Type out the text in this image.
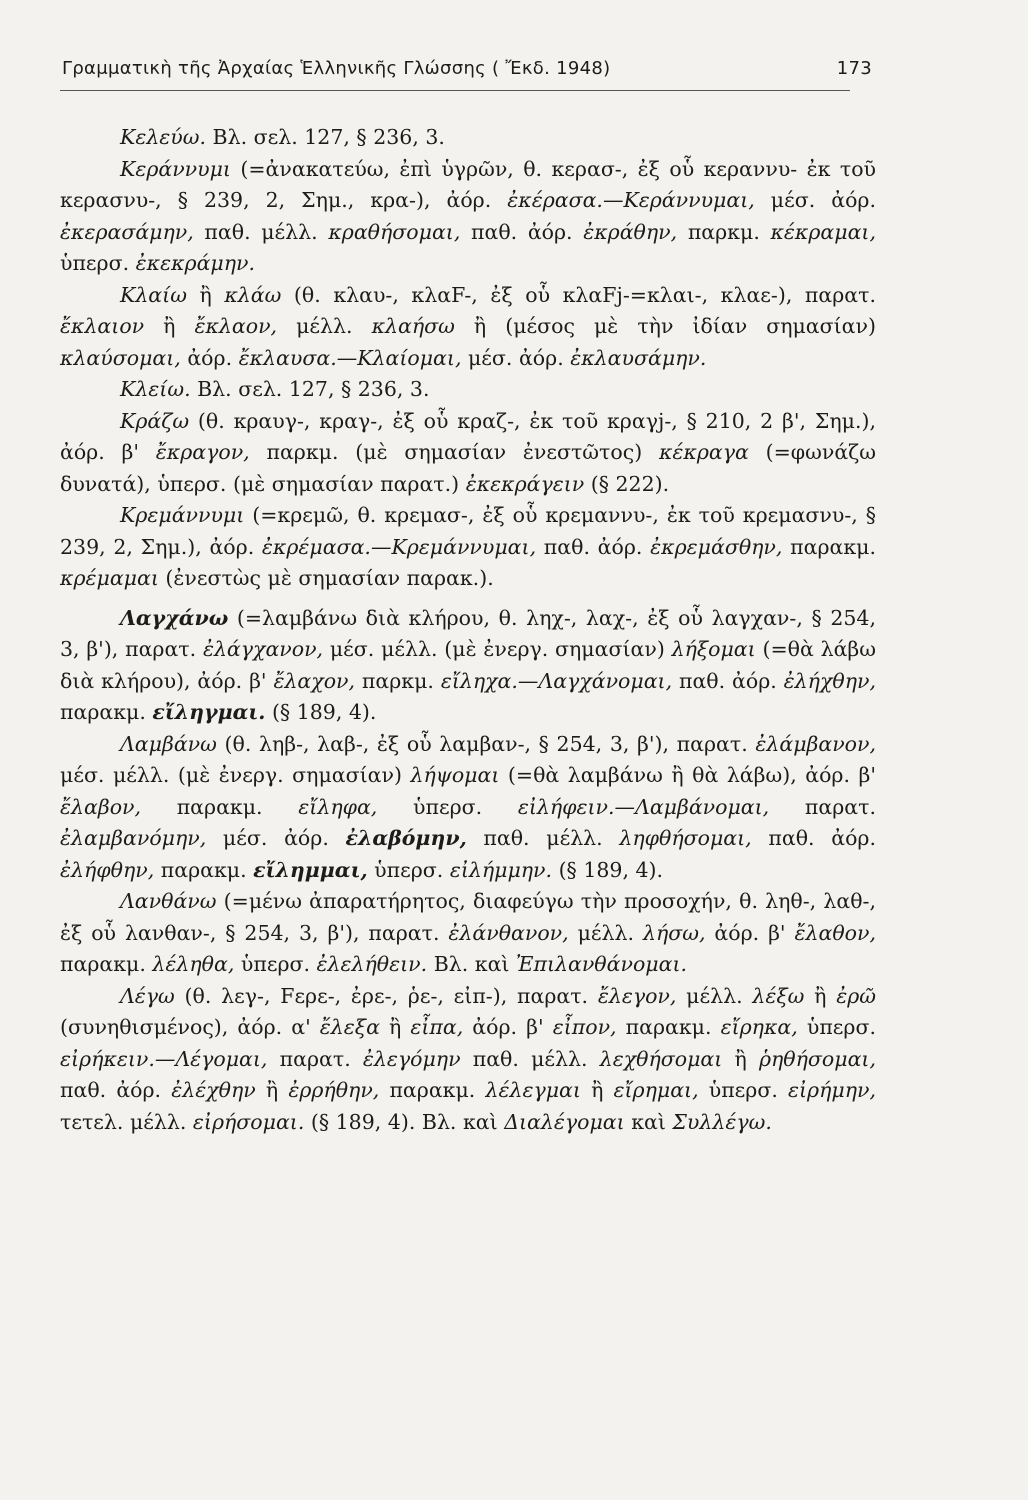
Γραμματικὴ τῆς Ἀρχαίας Ἑλληνικῆς Γλώσσης ( Ἔκδ. 1948)	173

Κελεύω. Βλ. σελ. 127, § 236, 3.

Κεράννυμι (=ἀνακατεύω, ἐπὶ ὑγρῶν, θ. κερασ-, ἐξ οὗ κεραννυ- ἐκ τοῦ κερασνυ-, § 239, 2, Σημ., κρα-), ἀόρ. ἐκέρασα.—Κεράννυμαι, μέσ. ἀόρ. ἐκερασάμην, παθ. μέλλ. κραθήσομαι, παθ. ἀόρ. ἐκράθην, παρκμ. κέκραμαι, ὑπερσ. ἐκεκράμην.

Κλαίω ἢ κλάω (θ. κλαυ-, κλαF-, ἐξ οὗ κλαFj-=κλαι-, κλαε-), παρατ. ἔκλαιον ἢ ἔκλαον, μέλλ. κλαήσω ἢ (μέσος μὲ τὴν ἰδίαν σημασίαν) κλαύσομαι, ἀόρ. ἔκλαυσα.—Κλαίομαι, μέσ. ἀόρ. ἐκλαυσάμην.

Κλείω. Βλ. σελ. 127, § 236, 3.

Κράζω (θ. κραυγ-, κραγ-, ἐξ οὗ κραζ-, ἐκ τοῦ κραγj-, § 210, 2 β', Σημ.), ἀόρ. β' ἔκραγον, παρκμ. (μὲ σημασίαν ἐνεστῶτος) κέκραγα (=φωνάζω δυνατά), ὑπερσ. (μὲ σημασίαν παρατ.) ἐκεκράγειν (§ 222).

Κρεμάννυμι (=κρεμῶ, θ. κρεμασ-, ἐξ οὗ κρεμαννυ-, ἐκ τοῦ κρεμασνυ-, § 239, 2, Σημ.), ἀόρ. ἐκρέμασα.—Κρεμάννυμαι, παθ. ἀόρ. ἐκρεμάσθην, παρακμ. κρέμαμαι (ἐνεστὼς μὲ σημασίαν παρακ.).

Λαγχάνω (=λαμβάνω διὰ κλήρου, θ. ληχ-, λαχ-, ἐξ οὗ λαγχαν-, § 254, 3, β'), παρατ. ἐλάγχανον, μέσ. μέλλ. (μὲ ἐνεργ. σημασίαν) λήξομαι (=θὰ λάβω διὰ κλήρου), ἀόρ. β' ἔλαχον, παρκμ. εἴληχα.—Λαγχάνομαι, παθ. ἀόρ. ἐλήχθην, παρακμ. εἴληγμαι. (§ 189, 4).

Λαμβάνω (θ. ληβ-, λαβ-, ἐξ οὗ λαμβαν-, § 254, 3, β'), παρατ. ἐλάμβανον, μέσ. μέλλ. (μὲ ἐνεργ. σημασίαν) λήψομαι (=θὰ λαμβάνω ἢ θὰ λάβω), ἀόρ. β' ἔλαβον, παρακμ. εἴληφα, ὑπερσ. εἰλήφειν.—Λαμβάνομαι, παρατ. ἐλαμβανόμην, μέσ. ἀόρ. ἐλαβόμην, παθ. μέλλ. ληφθήσομαι, παθ. ἀόρ. ἐλήφθην, παρακμ. εἴλημμαι, ὑπερσ. εἰλήμμην. (§ 189, 4).

Λανθάνω (=μένω ἀπαρατήρητος, διαφεύγω τὴν προσοχήν, θ. ληθ-, λαθ-, ἐξ οὗ λανθαν-, § 254, 3, β'), παρατ. ἐλάνθανον, μέλλ. λήσω, ἀόρ. β' ἔλαθον, παρακμ. λέληθα, ὑπερσ. ἐλελήθειν. Βλ. καὶ Ἐπιλανθάνομαι.

Λέγω (θ. λεγ-, Fερε-, ἐρε-, ῥε-, εἰπ-), παρατ. ἔλεγον, μέλλ. λέξω ἢ ἐρῶ (συνηθισμένος), ἀόρ. α' ἔλεξα ἢ εἶπα, ἀόρ. β' εἶπον, παρακμ. εἴρηκα, ὑπερσ. εἰρήκειν.—Λέγομαι, παρατ. ἐλεγόμην παθ. μέλλ. λεχθήσομαι ἢ ῥηθήσομαι, παθ. ἀόρ. ἐλέχθην ἢ ἐρρήθην, παρακμ. λέλεγμαι ἢ εἴρημαι, ὑπερσ. εἰρήμην, τετελ. μέλλ. εἰρήσομαι. (§ 189, 4). Βλ. καὶ Διαλέγομαι καὶ Συλλέγω.
